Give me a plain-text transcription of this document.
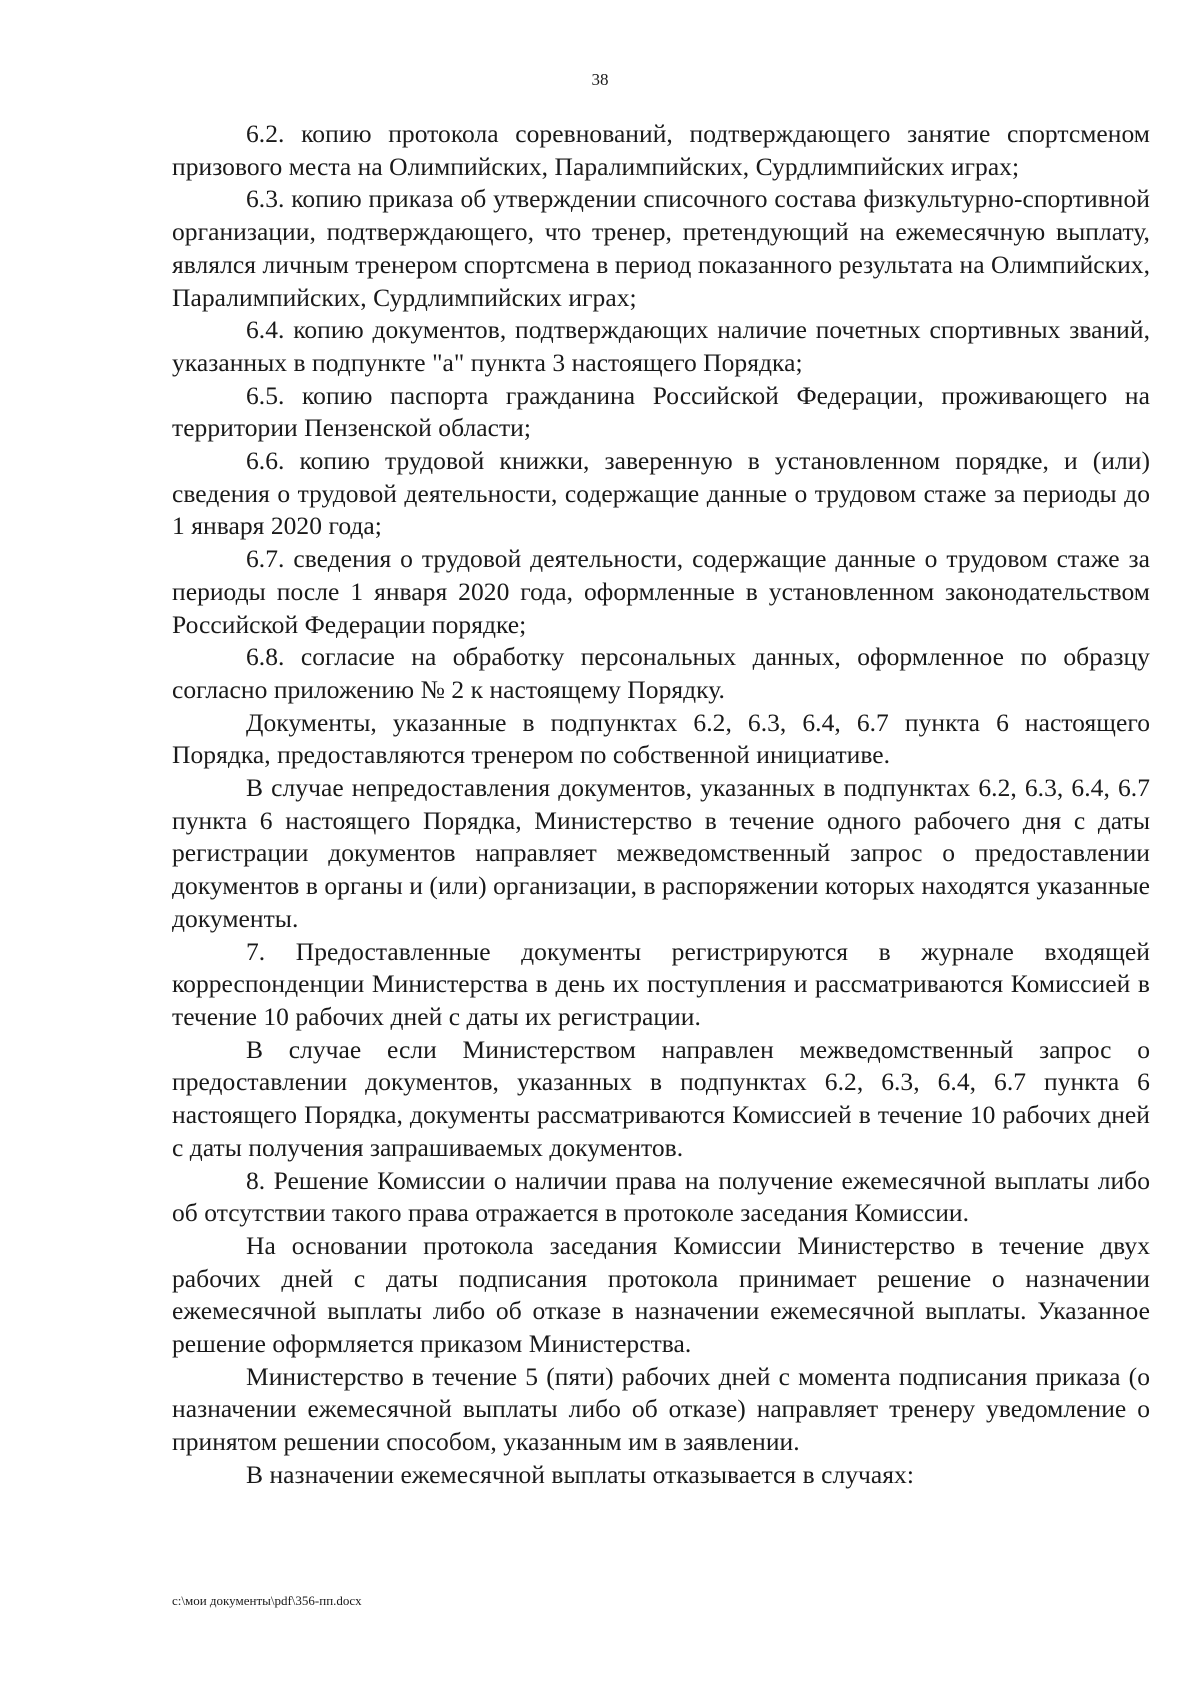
38

6.2. копию протокола соревнований, подтверждающего занятие спортсменом призового места на Олимпийских, Паралимпийских, Сурдлимпийских играх;

6.3. копию приказа об утверждении списочного состава физкультурно-спортивной организации, подтверждающего, что тренер, претендующий на ежемесячную выплату, являлся личным тренером спортсмена в период показанного результата на Олимпийских, Паралимпийских, Сурдлимпийских играх;

6.4. копию документов, подтверждающих наличие почетных спортивных званий, указанных в подпункте "а" пункта 3 настоящего Порядка;

6.5. копию паспорта гражданина Российской Федерации, проживающего на территории Пензенской области;

6.6. копию трудовой книжки, заверенную в установленном порядке, и (или) сведения о трудовой деятельности, содержащие данные о трудовом стаже за периоды до 1 января 2020 года;

6.7. сведения о трудовой деятельности, содержащие данные о трудовом стаже за периоды после 1 января 2020 года, оформленные в установленном законодательством Российской Федерации порядке;

6.8. согласие на обработку персональных данных, оформленное по образцу согласно приложению № 2 к настоящему Порядку.

Документы, указанные в подпунктах 6.2, 6.3, 6.4, 6.7 пункта 6 настоящего Порядка, предоставляются тренером по собственной инициативе.

В случае непредоставления документов, указанных в подпунктах 6.2, 6.3, 6.4, 6.7 пункта 6 настоящего Порядка, Министерство в течение одного рабочего дня с даты регистрации документов направляет межведомственный запрос о предоставлении документов в органы и (или) организации, в распоряжении которых находятся указанные документы.

7. Предоставленные документы регистрируются в журнале входящей корреспонденции Министерства в день их поступления и рассматриваются Комиссией в течение 10 рабочих дней с даты их регистрации.

В случае если Министерством направлен межведомственный запрос о предоставлении документов, указанных в подпунктах 6.2, 6.3, 6.4, 6.7 пункта 6 настоящего Порядка, документы рассматриваются Комиссией в течение 10 рабочих дней с даты получения запрашиваемых документов.

8. Решение Комиссии о наличии права на получение ежемесячной выплаты либо об отсутствии такого права отражается в протоколе заседания Комиссии.

На основании протокола заседания Комиссии Министерство в течение двух рабочих дней с даты подписания протокола принимает решение о назначении ежемесячной выплаты либо об отказе в назначении ежемесячной выплаты. Указанное решение оформляется приказом Министерства.

Министерство в течение 5 (пяти) рабочих дней с момента подписания приказа (о назначении ежемесячной выплаты либо об отказе) направляет тренеру уведомление о принятом решении способом, указанным им в заявлении.

В назначении ежемесячной выплаты отказывается в случаях:

c:\мои документы\pdf\356-пп.docx
